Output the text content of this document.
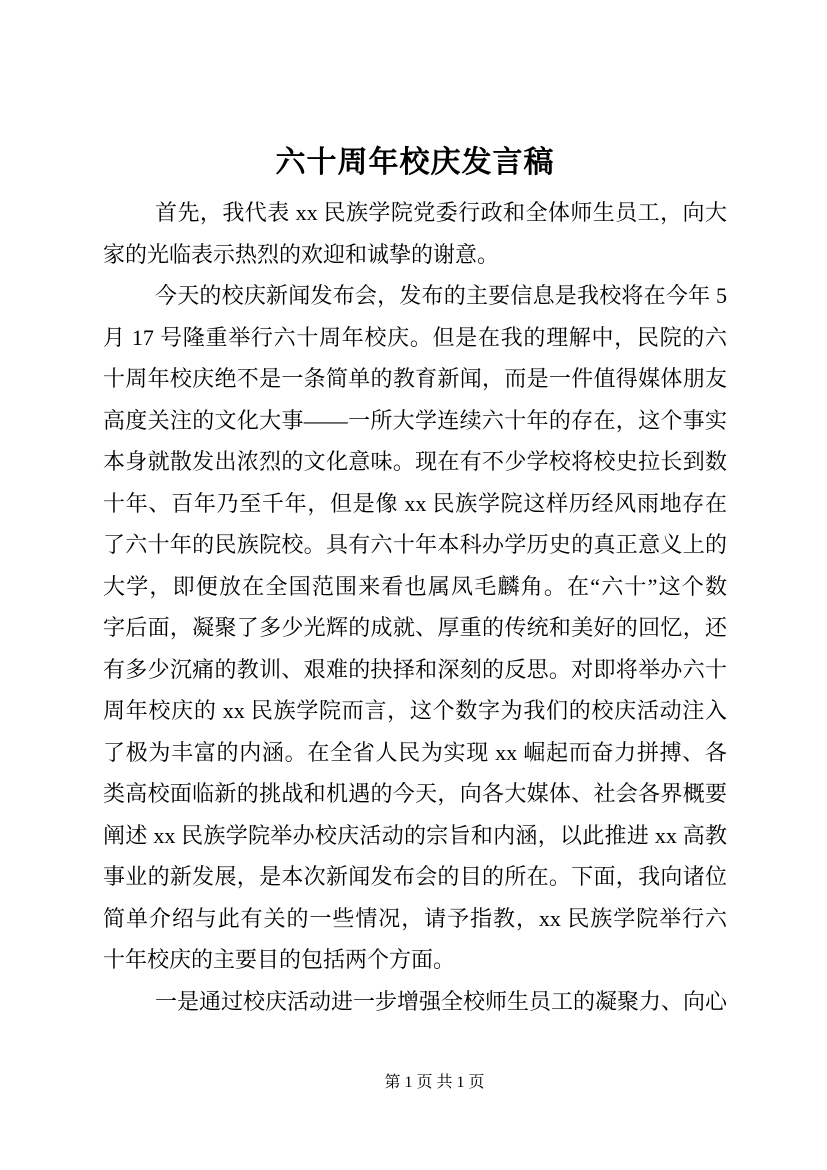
六十周年校庆发言稿
首先，我代表 xx 民族学院党委行政和全体师生员工，向大
家的光临表示热烈的欢迎和诚挚的谢意。
今天的校庆新闻发布会，发布的主要信息是我校将在今年 5
月 17 号隆重举行六十周年校庆。但是在我的理解中，民院的六
十周年校庆绝不是一条简单的教育新闻，而是一件值得媒体朋友
高度关注的文化大事——一所大学连续六十年的存在，这个事实
本身就散发出浓烈的文化意味。现在有不少学校将校史拉长到数
十年、百年乃至千年，但是像 xx 民族学院这样历经风雨地存在
了六十年的民族院校。具有六十年本科办学历史的真正意义上的
大学，即便放在全国范围来看也属凤毛麟角。在“六十”这个数
字后面，凝聚了多少光辉的成就、厚重的传统和美好的回忆，还
有多少沉痛的教训、艰难的抉择和深刻的反思。对即将举办六十
周年校庆的 xx 民族学院而言，这个数字为我们的校庆活动注入
了极为丰富的内涵。在全省人民为实现 xx 崛起而奋力拼搏、各
类高校面临新的挑战和机遇的今天，向各大媒体、社会各界概要
阐述 xx 民族学院举办校庆活动的宗旨和内涵，以此推进 xx 高教
事业的新发展，是本次新闻发布会的目的所在。下面，我向诸位
简单介绍与此有关的一些情况，请予指教，xx 民族学院举行六
十年校庆的主要目的包括两个方面。
一是通过校庆活动进一步增强全校师生员工的凝聚力、向心
第 1 页 共 1 页
